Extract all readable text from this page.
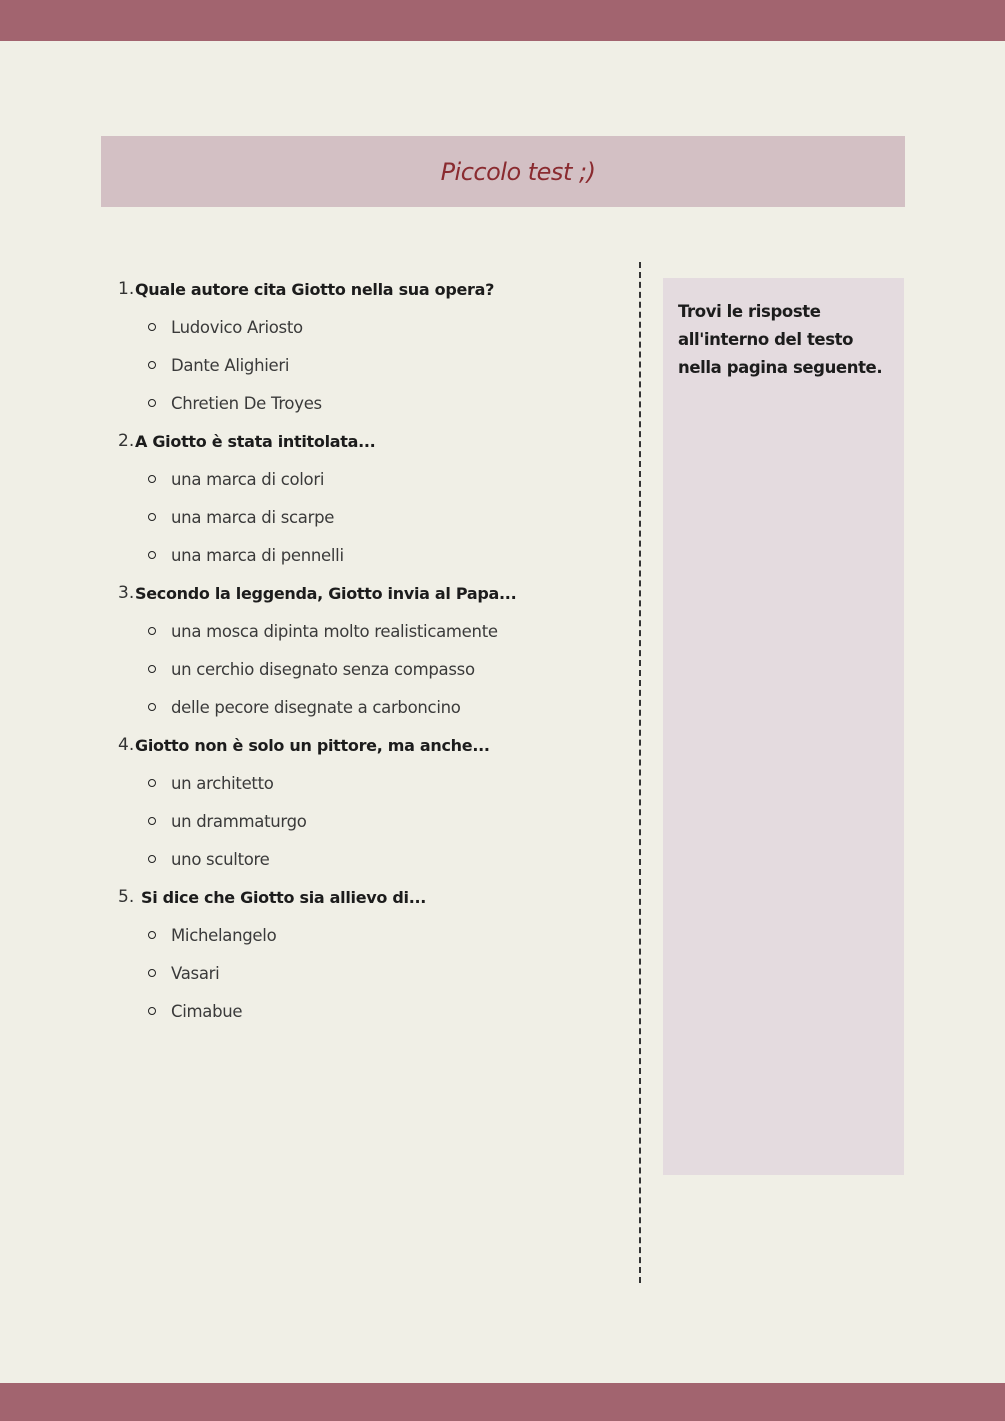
Piccolo test ;)
1. Quale autore cita Giotto nella sua opera?
Ludovico Ariosto
Dante Alighieri
Chretien De Troyes
2. A Giotto è stata intitolata...
una marca di colori
una marca di scarpe
una marca di pennelli
3. Secondo la leggenda, Giotto invia al Papa...
una mosca dipinta molto realisticamente
un cerchio disegnato senza compasso
delle pecore disegnate a carboncino
4. Giotto non è solo un pittore, ma anche...
un architetto
un drammaturgo
uno scultore
5. Si dice che Giotto sia allievo di...
Michelangelo
Vasari
Cimabue
Trovi le risposte all'interno del testo nella pagina seguente.
